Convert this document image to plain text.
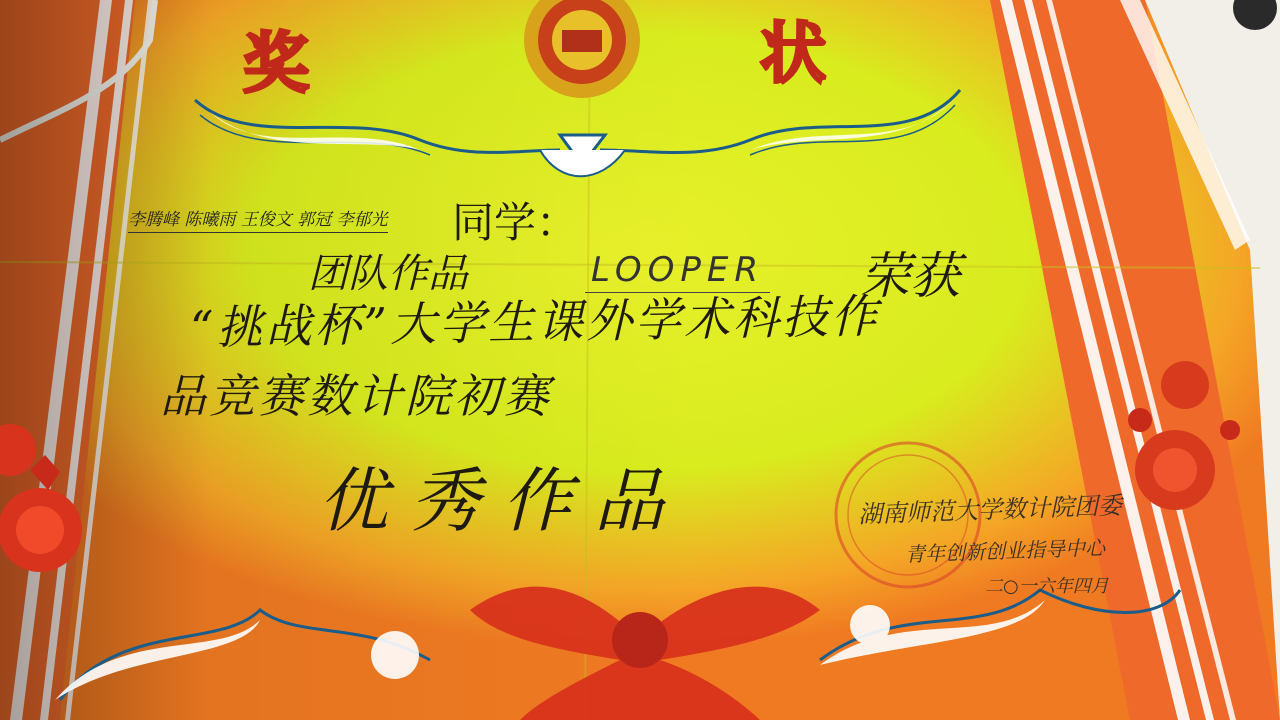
奖	状
李腾峰 陈曦雨 王俊文 郭冠 李郁光 同学：
团队作品	LOOPER 荣获
“挑战杯”大学生课外学术科技作
品竞赛数计院初赛
优秀作品	湖南师范大学数计院团委
青年创新创业指导中心
二○一六年四月
